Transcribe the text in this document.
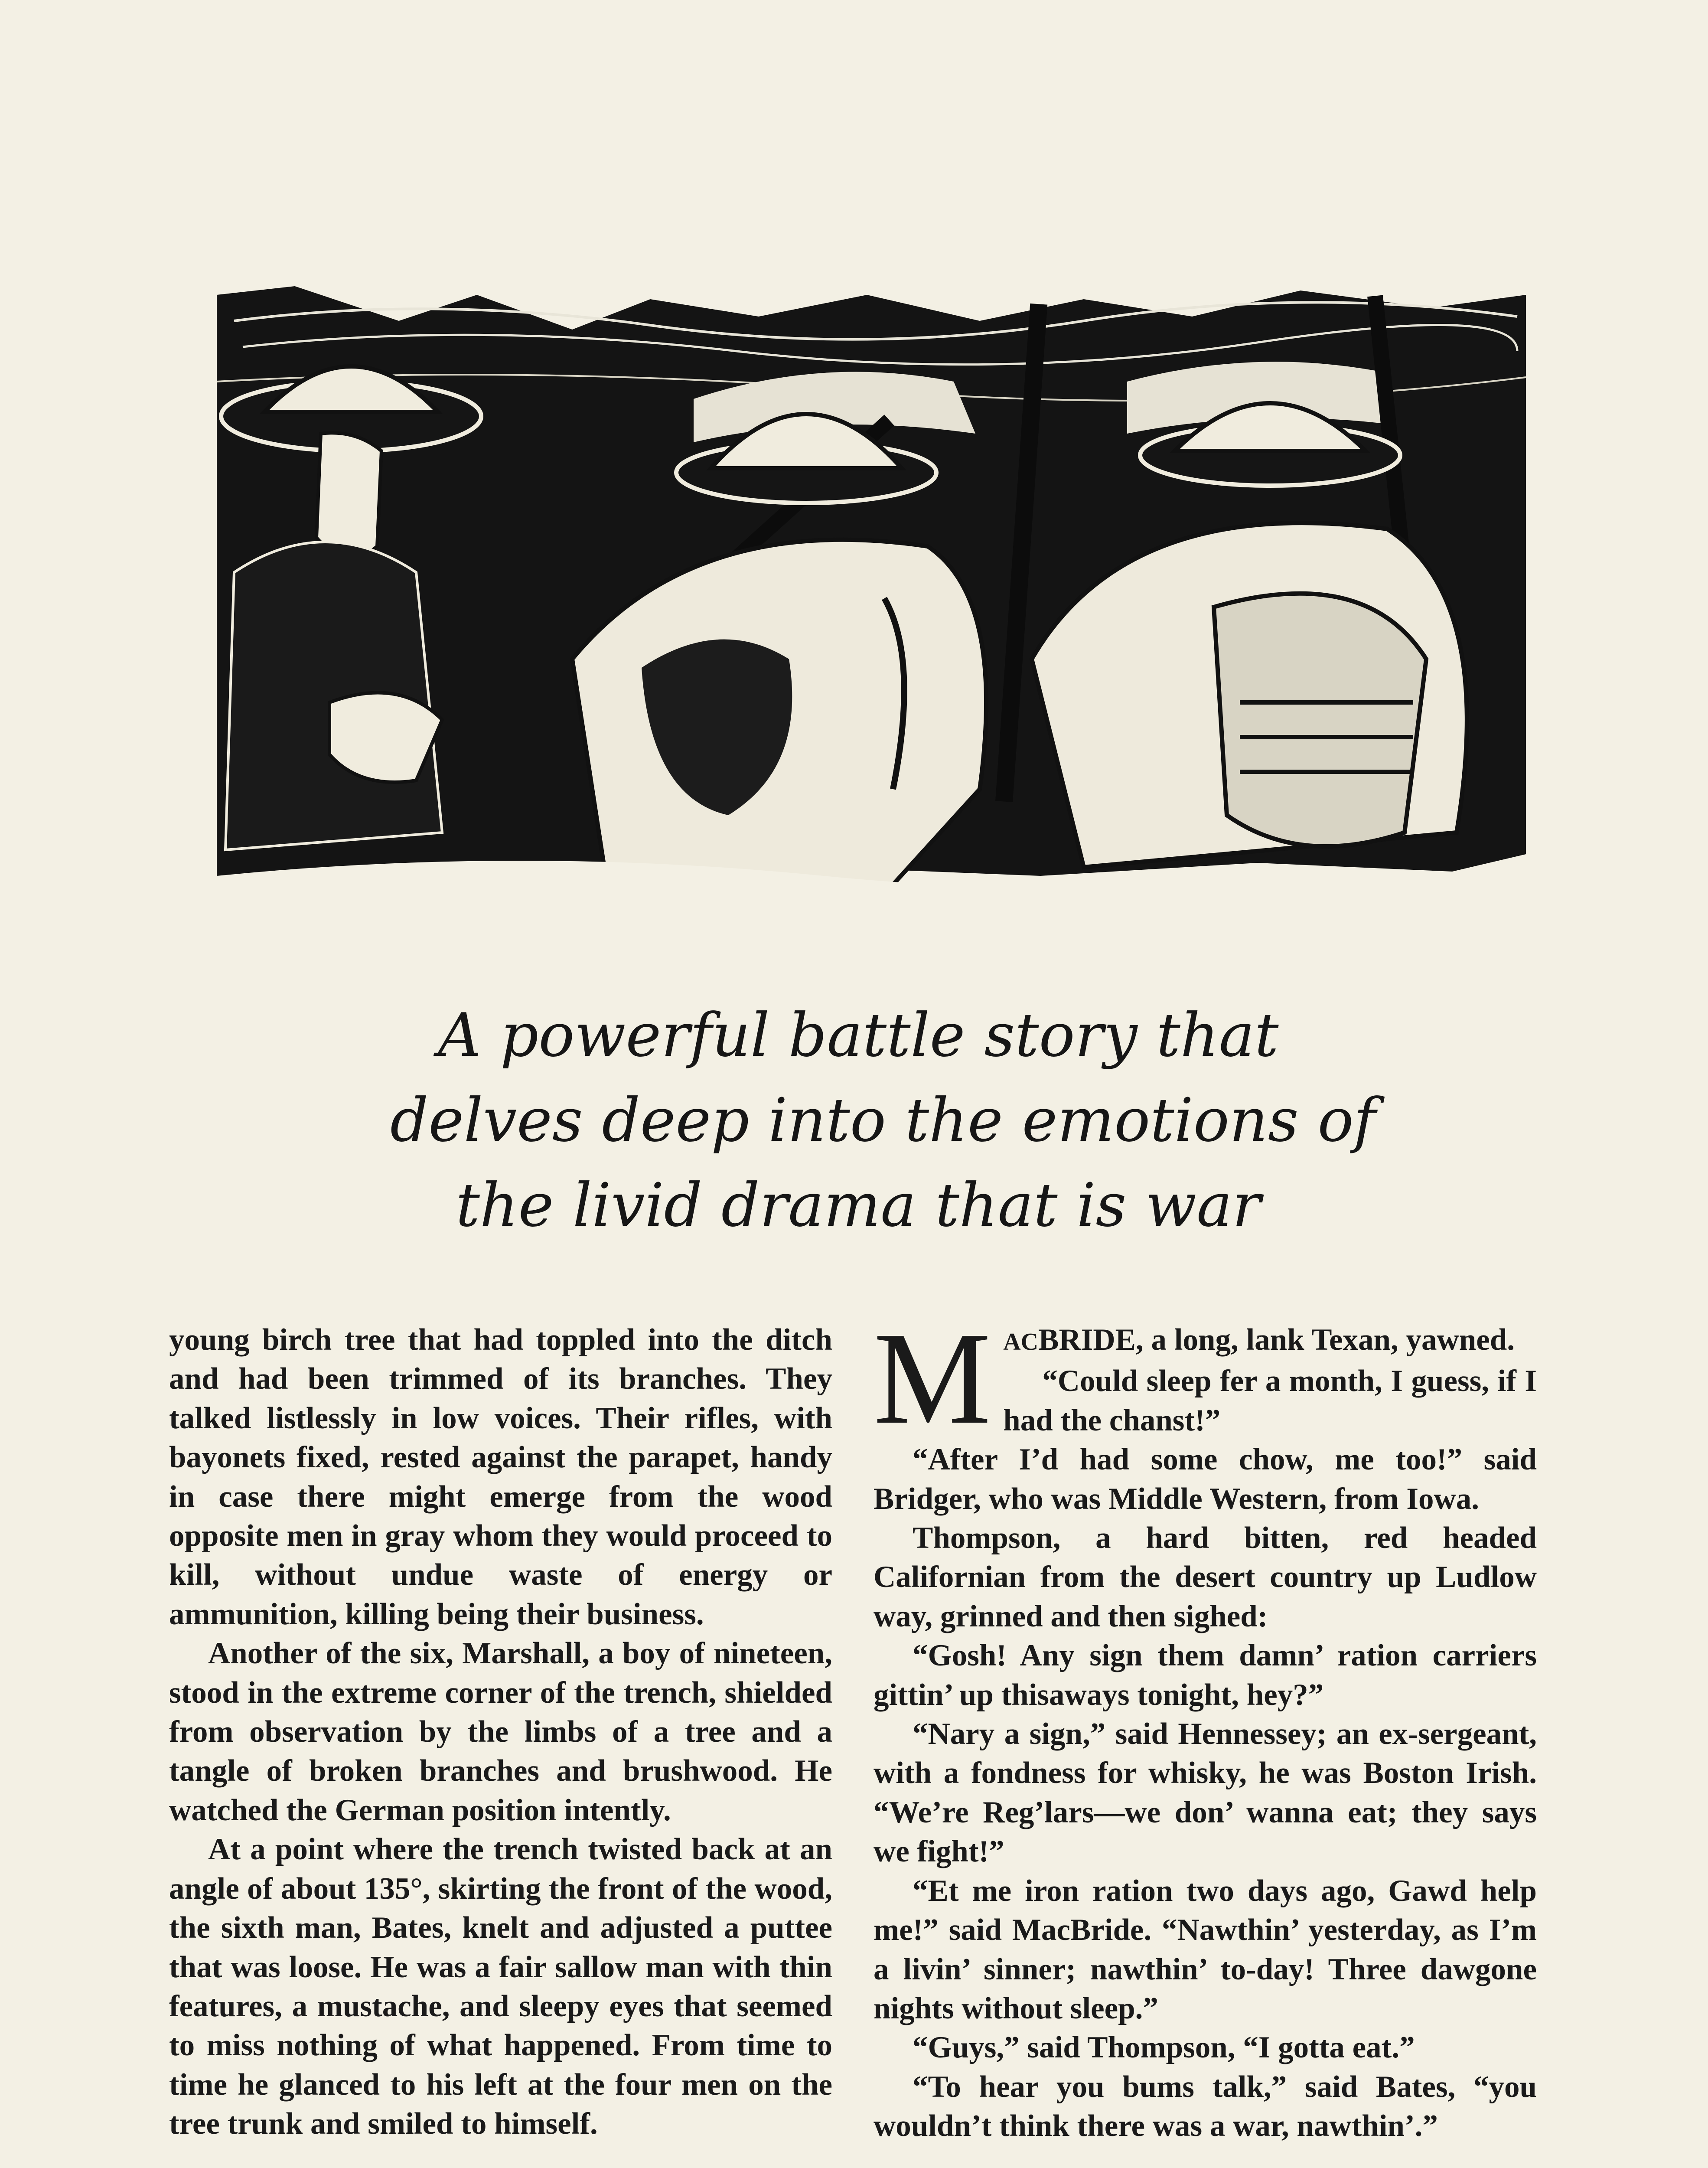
A powerful battle story that
delves deep into the emotions of
the livid drama that is war

young birch tree that had toppled into the ditch and had been trimmed of its branches. They talked listlessly in low voices. Their rifles, with bayonets fixed, rested against the parapet, handy in case there might emerge from the wood opposite men in gray whom they would proceed to kill, without undue waste of energy or ammunition, killing being their business.

Another of the six, Marshall, a boy of nineteen, stood in the extreme corner of the trench, shielded from observation by the limbs of a tree and a tangle of broken branches and brushwood. He watched the German position intently.

At a point where the trench twisted back at an angle of about 135°, skirting the front of the wood, the sixth man, Bates, knelt and adjusted a puttee that was loose. He was a fair sallow man with thin features, a mustache, and sleepy eyes that seemed to miss nothing of what happened. From time to time he glanced to his left at the four men on the tree trunk and smiled to himself.

MACBRIDE, a long, lank Texan, yawned.

“Could sleep fer a month, I guess, if I had the chanst!”

“After I’d had some chow, me too!” said Bridger, who was Middle Western, from Iowa.

Thompson, a hard bitten, red headed Californian from the desert country up Ludlow way, grinned and then sighed:

“Gosh! Any sign them damn’ ration carriers gittin’ up thisaways tonight, hey?”

“Nary a sign,” said Hennessey; an ex-sergeant, with a fondness for whisky, he was Boston Irish. “We’re Reg’lars—we don’ wanna eat; they says we fight!”

“Et me iron ration two days ago, Gawd help me!” said MacBride. “Nawthin’ yesterday, as I’m a livin’ sinner; nawthin’ to-day! Three dawgone nights without sleep.”

“Guys,” said Thompson, “I gotta eat.”

“To hear you bums talk,” said Bates, “you wouldn’t think there was a war, nawthin’.”
